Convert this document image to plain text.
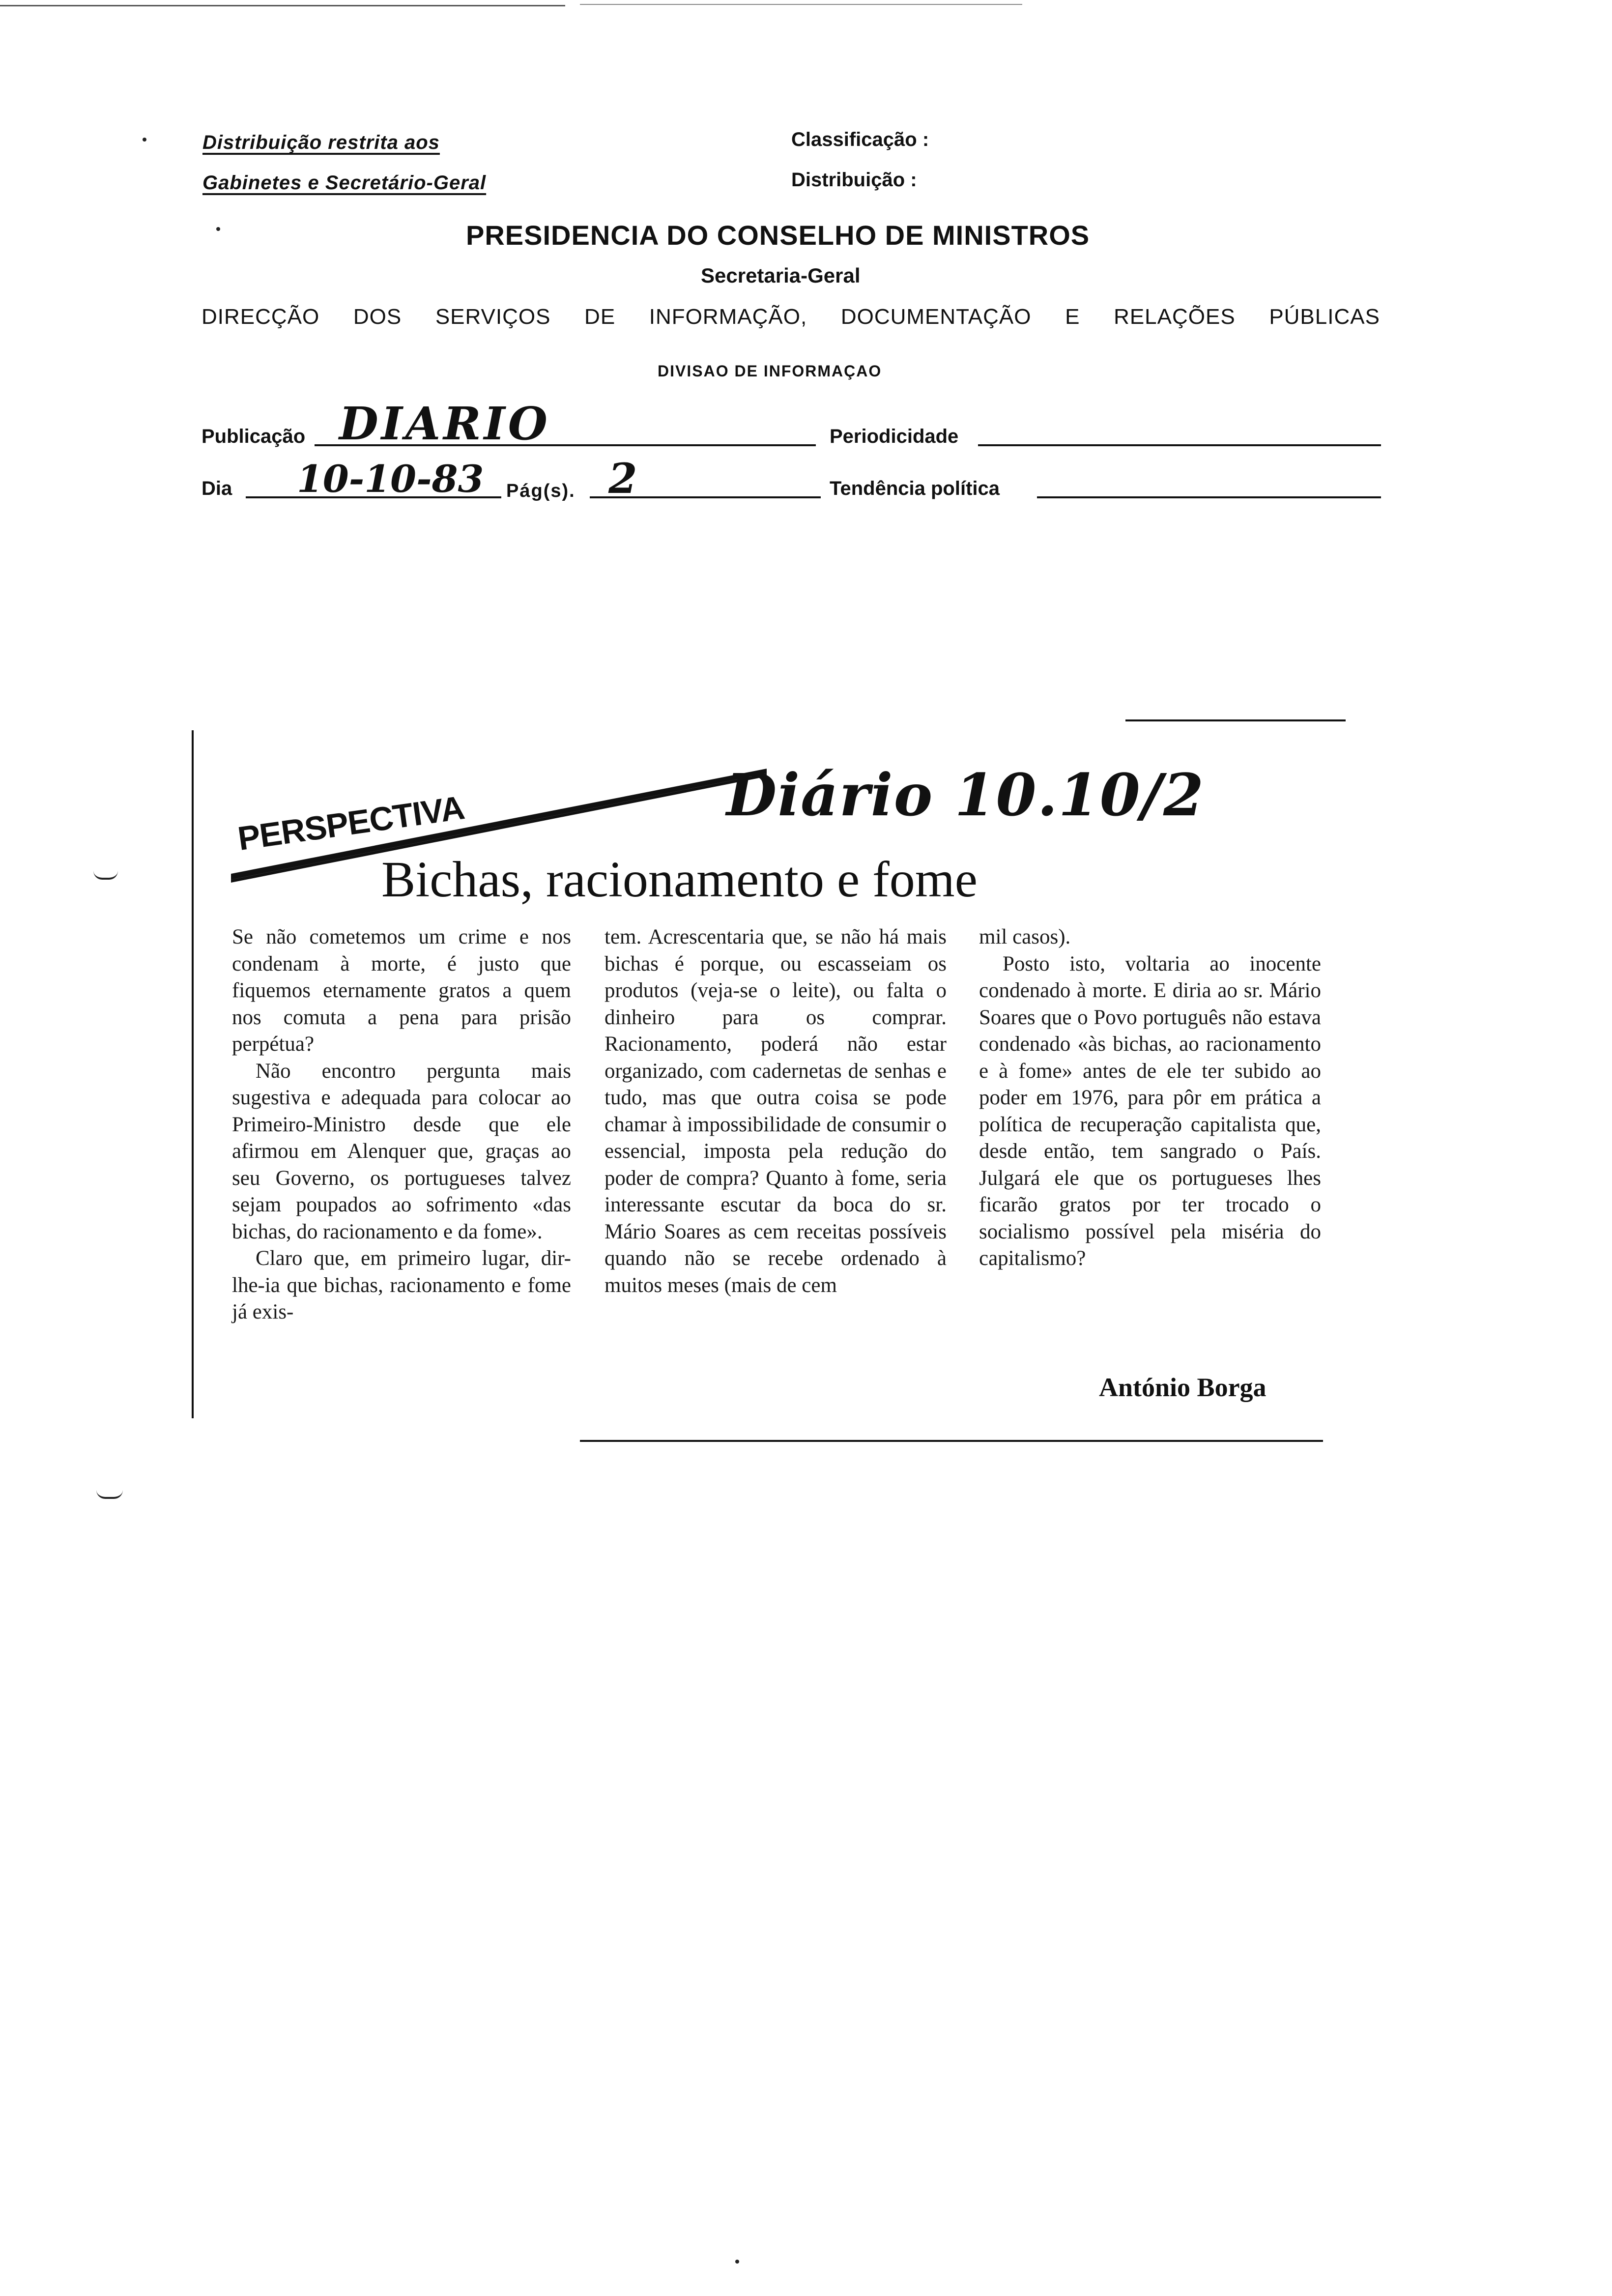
Distribuição restrita aos
Gabinetes e Secretário-Geral
Classificação :
Distribuição :
PRESIDENCIA DO CONSELHO DE MINISTROS
Secretaria-Geral
DIRECÇÃO DOS SERVIÇOS DE INFORMAÇÃO, DOCUMENTAÇÃO E RELAÇÕES PÚBLICAS
DIVISAO DE INFORMAÇAO
Publicação DIARIO	Periodicidade
Dia 10-10-83 Pág(s). 2	Tendência política
PERSPECTIVA	Diário 10.10/2
Bichas, racionamento e fome

Se não cometemos um crime e nos condenam à morte, é justo que fiquemos eternamente gratos a quem nos comuta a pena para prisão perpétua?

Não encontro pergunta mais sugestiva e adequada para colocar ao Primeiro-Ministro desde que ele afirmou em Alenquer que, graças ao seu Governo, os portugueses talvez sejam poupados ao sofrimento «das bichas, do racionamento e da fome».

Claro que, em primeiro lugar, dir-lhe-ia que bichas, racionamento e fome já exis-

tem. Acrescentaria que, se não há mais bichas é porque, ou escasseiam os produtos (veja-se o leite), ou falta o dinheiro para os comprar. Racionamento, poderá não estar organizado, com cadernetas de senhas e tudo, mas que outra coisa se pode chamar à impossibilidade de consumir o essencial, imposta pela redução do poder de compra? Quanto à fome, seria interessante escutar da boca do sr. Mário Soares as cem receitas possíveis quando não se recebe ordenado à muitos meses (mais de cem

mil casos).

Posto isto, voltaria ao inocente condenado à morte. E diria ao sr. Mário Soares que o Povo português não estava condenado «às bichas, ao racionamento e à fome» antes de ele ter subido ao poder em 1976, para pôr em prática a política de recuperação capitalista que, desde então, tem sangrado o País. Julgará ele que os portugueses lhes ficarão gratos por ter trocado o socialismo possível pela miséria do capitalismo?

António Borga
